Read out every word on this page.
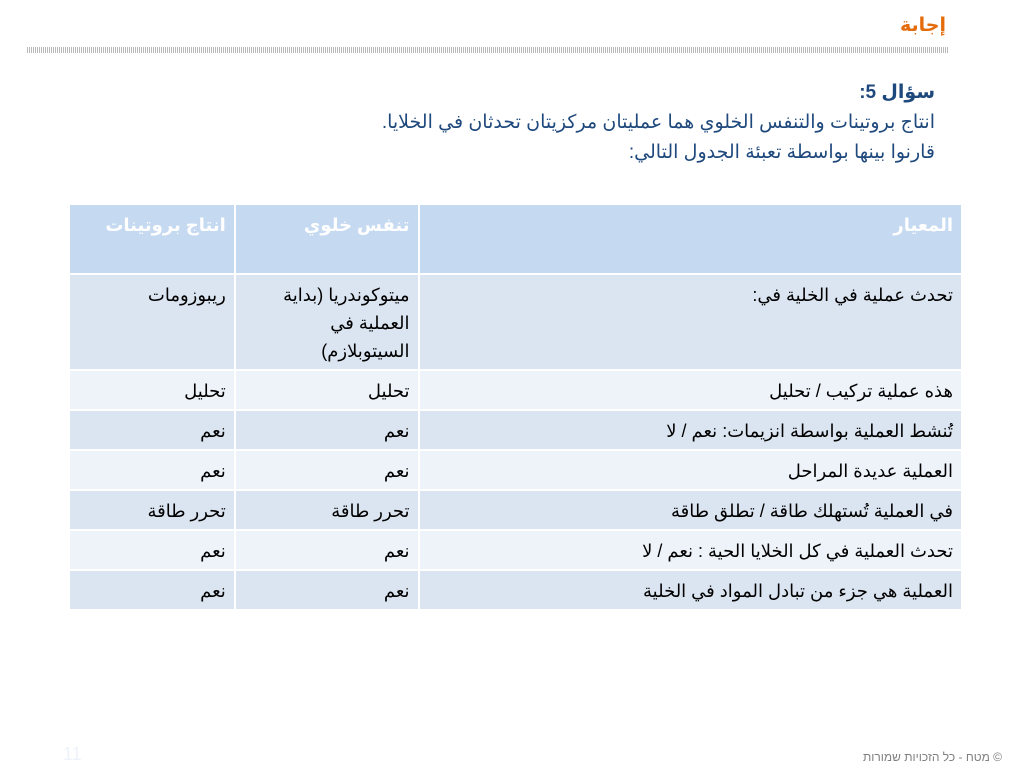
إجابة
سؤال 5:
انتاج بروتينات والتنفس الخلوي هما عمليتان مركزيتان تحدثان في الخلايا.
قارنوا بينها بواسطة تعبئة الجدول التالي:
المعيار	تنفس خلوي	انتاج بروتينات
تحدث عملية في الخلية في:	ميتوكوندريا (بداية العملية في السيتوبلازم)	ريبوزومات
هذه عملية تركيب / تحليل	تحليل	تحليل
تُنشط العملية بواسطة انزيمات: نعم / لا	نعم	نعم
العملية عديدة المراحل	نعم	نعم
في العملية تُستهلك طاقة / تطلق طاقة	تحرر طاقة	تحرر طاقة
تحدث العملية في كل الخلايا الحية : نعم / لا	نعم	نعم
العملية هي جزء من تبادل المواد في الخلية	نعم	نعم
11	© מטח - כל הזכויות שמורות
